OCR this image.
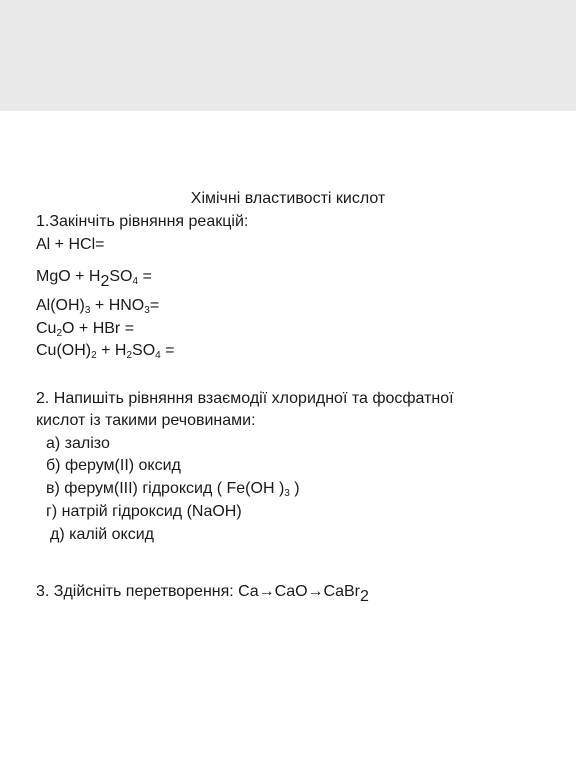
Хімічні властивості кислот
1.Закінчіть рівняння реакцій:
Al + HCl=
MgO + $H_2SO_4$ =
$Al(OH)_3 + HNO_3=$
$Cu_2O$ + HBr =
$Cu(OH)_2 + H_2SO_4$ =
2. Напишіть рівняння взаємодії хлоридної та фосфатної
кислот із такими речовинами:
а) залізо
б) ферум(II) оксид
в) ферум(III) гідроксид ( Fe(OH )$_3$ )
г) натрій гідроксид (NaOH)
д) калій оксид
3. Здійсніть перетворення: Ca→CaO→CaBr$_2$
